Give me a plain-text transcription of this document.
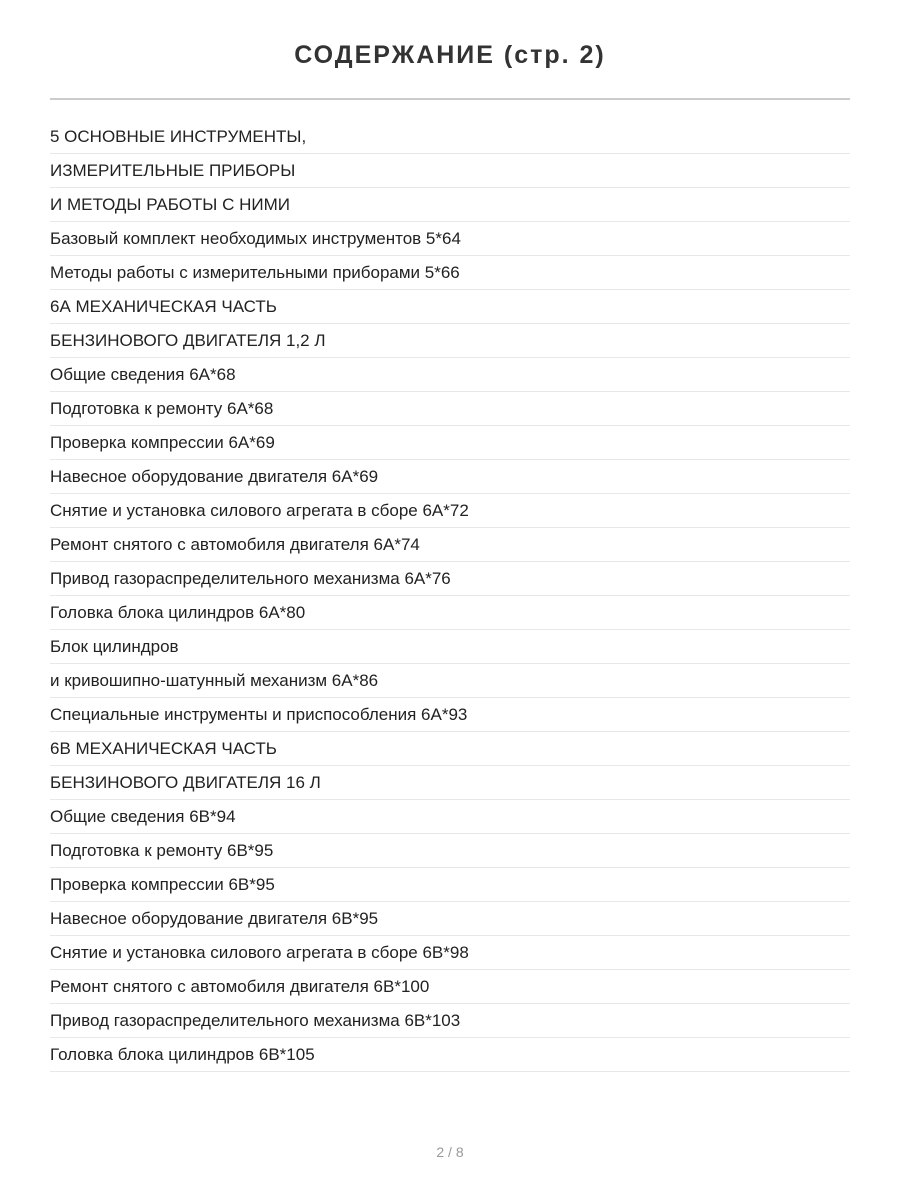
СОДЕРЖАНИЕ (стр. 2)
5 ОСНОВНЫЕ ИНСТРУМЕНТЫ,
ИЗМЕРИТЕЛЬНЫЕ ПРИБОРЫ
И МЕТОДЫ РАБОТЫ С НИМИ
Базовый комплект необходимых инструментов 5*64
Методы работы с измерительными приборами 5*66
6А МЕХАНИЧЕСКАЯ ЧАСТЬ
БЕНЗИНОВОГО ДВИГАТЕЛЯ 1,2 Л
Общие сведения 6А*68
Подготовка к ремонту 6А*68
Проверка компрессии 6А*69
Навесное оборудование двигателя 6А*69
Снятие и установка силового агрегата в сборе 6А*72
Ремонт снятого с автомобиля двигателя 6А*74
Привод газораспределительного механизма 6А*76
Головка блока цилиндров 6А*80
Блок цилиндров
и кривошипно-шатунный механизм 6А*86
Специальные инструменты и приспособления 6А*93
6В МЕХАНИЧЕСКАЯ ЧАСТЬ
БЕНЗИНОВОГО ДВИГАТЕЛЯ 16 Л
Общие сведения 6В*94
Подготовка к ремонту 6В*95
Проверка компрессии 6В*95
Навесное оборудование двигателя 6В*95
Снятие и установка силового агрегата в сборе 6В*98
Ремонт снятого с автомобиля двигателя 6В*100
Привод газораспределительного механизма 6В*103
Головка блока цилиндров 6В*105
2 / 8
